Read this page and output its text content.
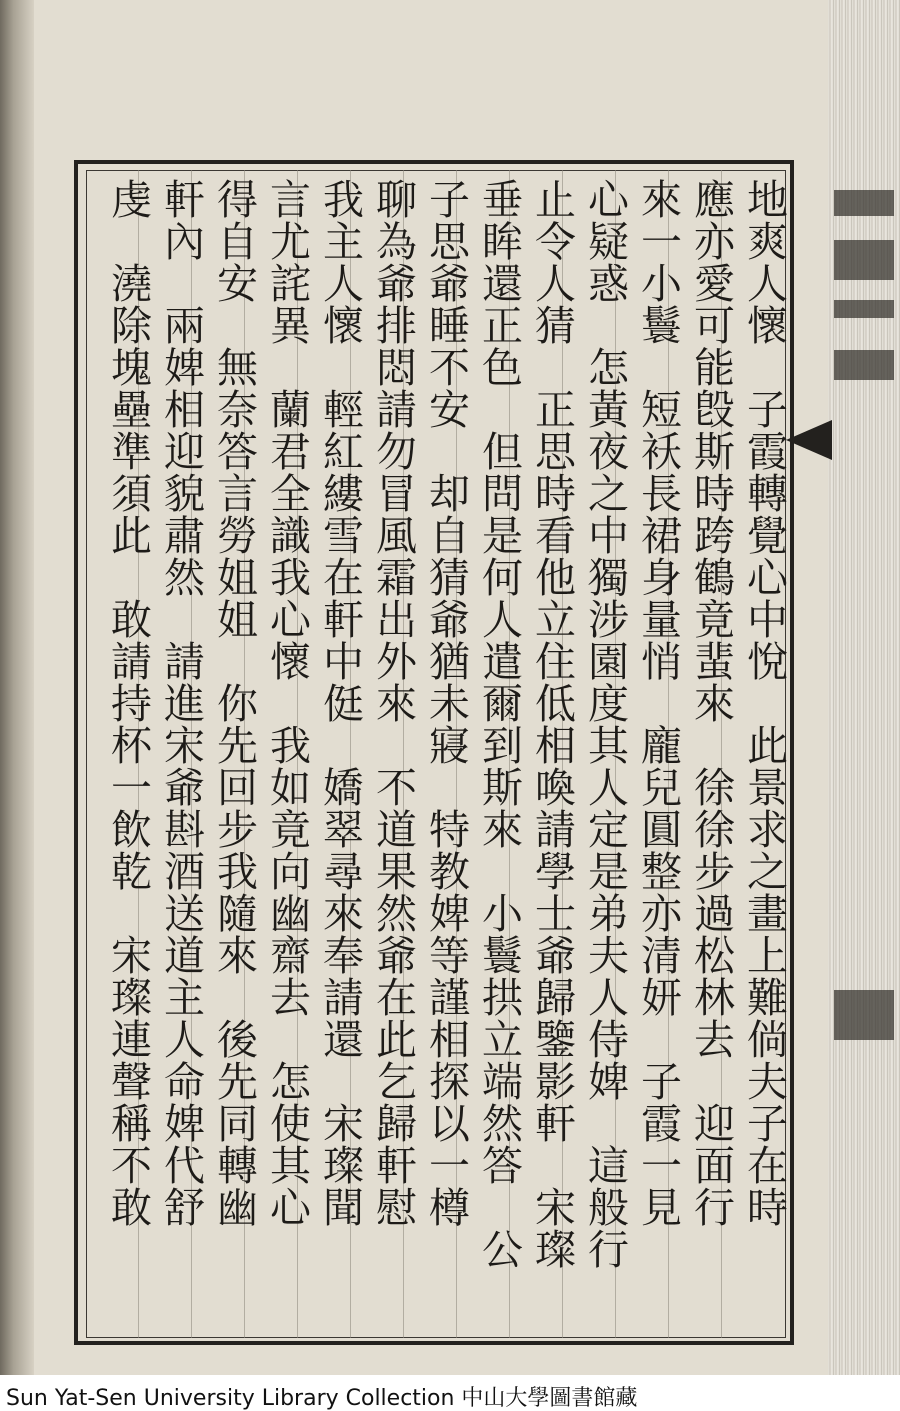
地爽人懷　子霞轉覺心中悅　此景求之畫上難倘夫子在時
應亦愛可能𣪘斯時跨鶴竟蜚來　徐徐步過松林去　迎面行
來一小鬟　短袄長裙身量悄　龐兒圓整亦清妍　子霞一見
心疑惑　怎黃夜之中獨涉園度其人定是弟夫人侍婢　這般行
止令人猜　正思時看他立住低相喚請學士爺歸鑒影軒　宋璨
垂眸還正色　但問是何人遣爾到斯來　小鬟拱立端然答　公
子思爺睡不安　却自猜爺猶未寢　特教婢等謹相探以一樽
聊為爺排悶請勿冒風霜出外來　不道果然爺在此乞歸軒慰
我主人懷　輕紅縷雪在軒中侹　嬌翠尋來奉請還　宋璨聞
言尤詫異　蘭君全識我心懷　我如竟向幽齋去　怎使其心
得自安　無奈答言勞姐姐　你先回步我隨來　後先同轉幽
軒內　兩婢相迎貌肅然　請進宋爺斟酒送道主人命婢代舒
虔　澆除塊壘準須此　敢請持杯一飲乾　宋璨連聲稱不敢
Sun Yat-Sen University Library Collection 中山大學圖書館藏
